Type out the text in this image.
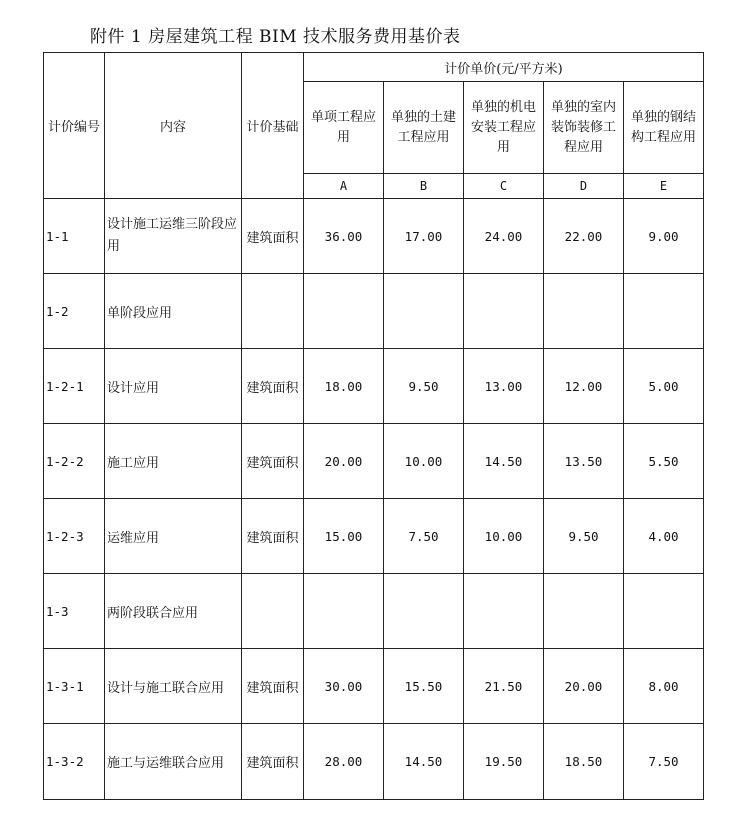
附件 1 房屋建筑工程 BIM 技术服务费用基价表
计价编号	内容	计价基础	计价单价(元/平方米)				
			单项工程应用	单独的土建工程应用	单独的机电安装工程应用	单独的室内装饰装修工程应用	单独的钢结构工程应用
			A	B	C	D	E
1-1	设计施工运维三阶段应用	建筑面积	36.00	17.00	24.00	22.00	9.00
1-2	单阶段应用						
1-2-1	设计应用	建筑面积	18.00	9.50	13.00	12.00	5.00
1-2-2	施工应用	建筑面积	20.00	10.00	14.50	13.50	5.50
1-2-3	运维应用	建筑面积	15.00	7.50	10.00	9.50	4.00
1-3	两阶段联合应用						
1-3-1	设计与施工联合应用	建筑面积	30.00	15.50	21.50	20.00	8.00
1-3-2	施工与运维联合应用	建筑面积	28.00	14.50	19.50	18.50	7.50
